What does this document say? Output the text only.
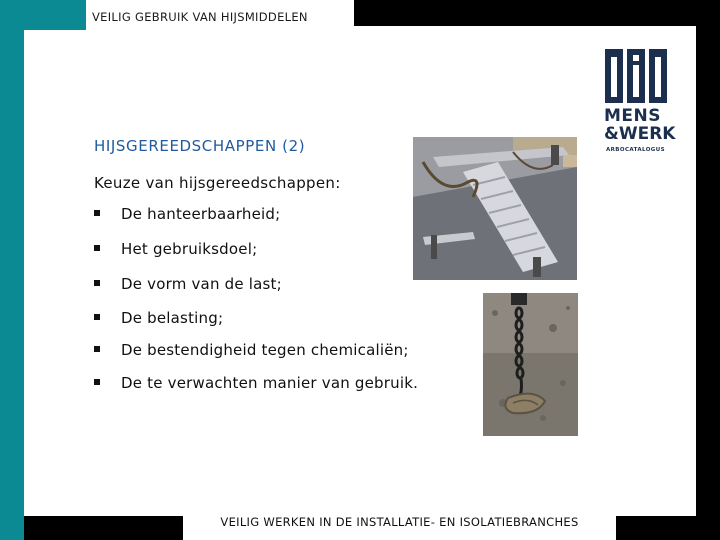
VEILIG GEBRUIK VAN HIJSMIDDELEN
MENS
&WERK
ARBOCATALOGUS
HIJSGEREEDSCHAPPEN (2)
Keuze van hijsgereedschappen:
De hanteerbaarheid;
Het gebruiksdoel;
De vorm van de last;
De belasting;
De bestendigheid tegen chemicaliën;
De te verwachten manier van gebruik.
VEILIG WERKEN IN DE INSTALLATIE- EN ISOLATIEBRANCHES
